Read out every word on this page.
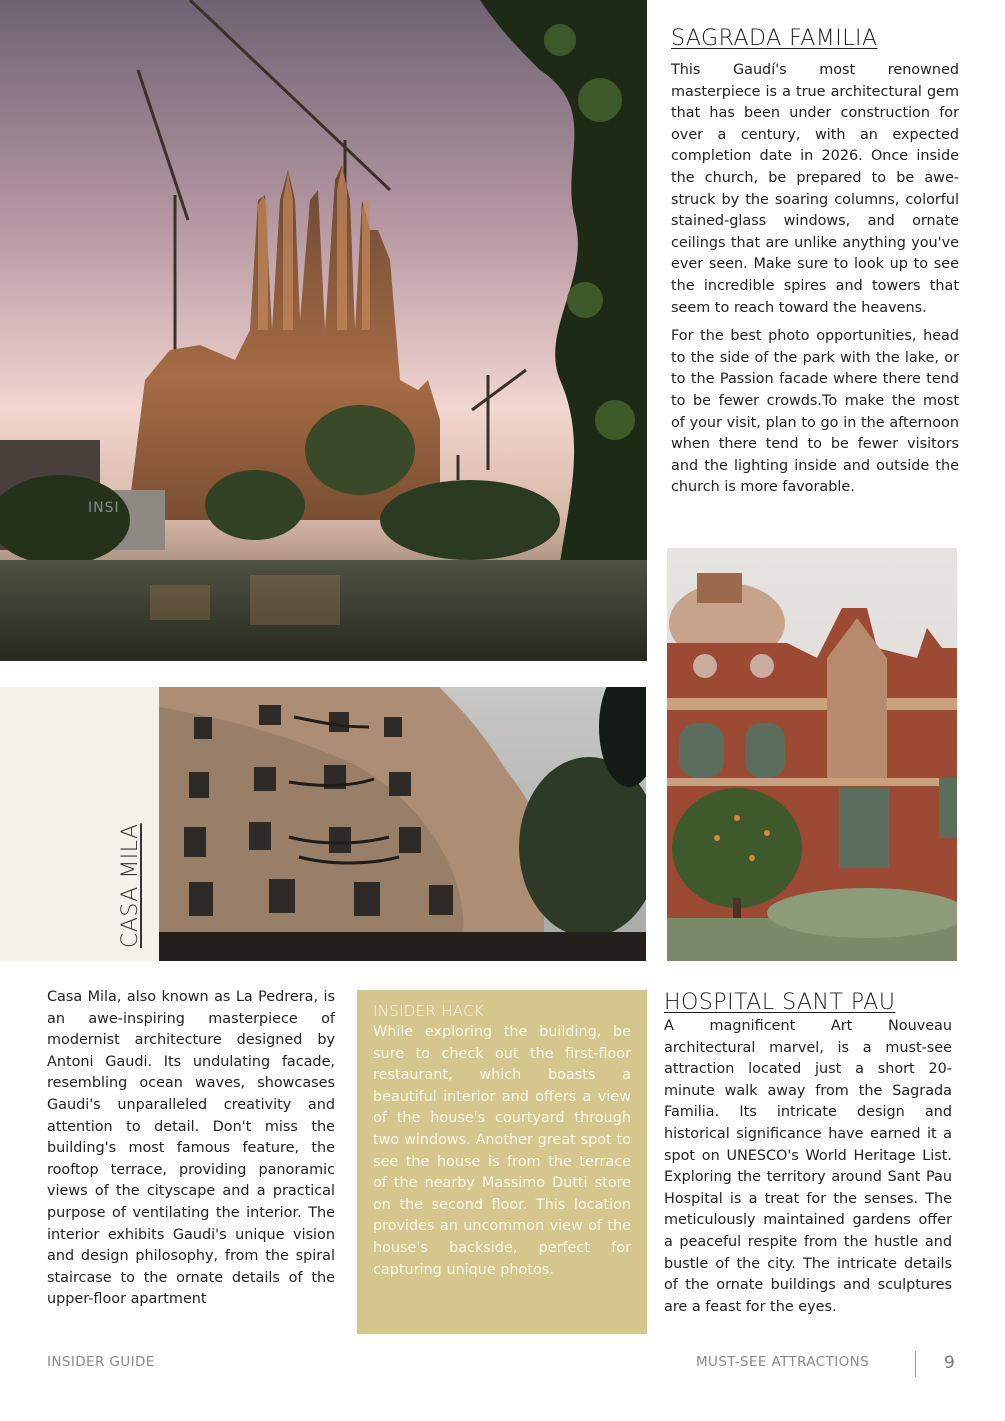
INSI
SAGRADA FAMILIA

This Gaudí's most renowned masterpiece is a true architectural gem that has been under construction for over a century, with an expected completion date in 2026. Once inside the church, be prepared to be awe-struck by the soaring columns, colorful stained-glass windows, and ornate ceilings that are unlike anything you've ever seen. Make sure to look up to see the incredible spires and towers that seem to reach toward the heavens.

For the best photo opportunities, head to the side of the park with the lake, or to the Passion facade where there tend to be fewer crowds.To make the most of your visit, plan to go in the afternoon when there tend to be fewer visitors and the lighting inside and outside the church is more favorable.

CASA MILA

Casa Mila, also known as La Pedrera, is an awe-inspiring masterpiece of modernist architecture designed by Antoni Gaudi. Its undulating facade, resembling ocean waves, showcases Gaudi's unparalleled creativity and attention to detail. Don't miss the building's most famous feature, the rooftop terrace, providing panoramic views of the cityscape and a practical purpose of ventilating the interior. The interior exhibits Gaudi's unique vision and design philosophy, from the spiral staircase to the ornate details of the upper-floor apartment

INSIDER HACK

While exploring the building, be sure to check out the first-floor restaurant, which boasts a beautiful interior and offers a view of the house's courtyard through two windows. Another great spot to see the house is from the terrace of the nearby Massimo Dutti store on the second floor. This location provides an uncommon view of the house's backside, perfect for capturing unique photos.

HOSPITAL SANT PAU

A magnificent Art Nouveau architectural marvel, is a must-see attraction located just a short 20-minute walk away from the Sagrada Familia. Its intricate design and historical significance have earned it a spot on UNESCO's World Heritage List. Exploring the territory around Sant Pau Hospital is a treat for the senses. The meticulously maintained gardens offer a peaceful respite from the hustle and bustle of the city. The intricate details of the ornate buildings and sculptures are a feast for the eyes.

INSIDER GUIDE	MUST-SEE ATTRACTIONS	9
